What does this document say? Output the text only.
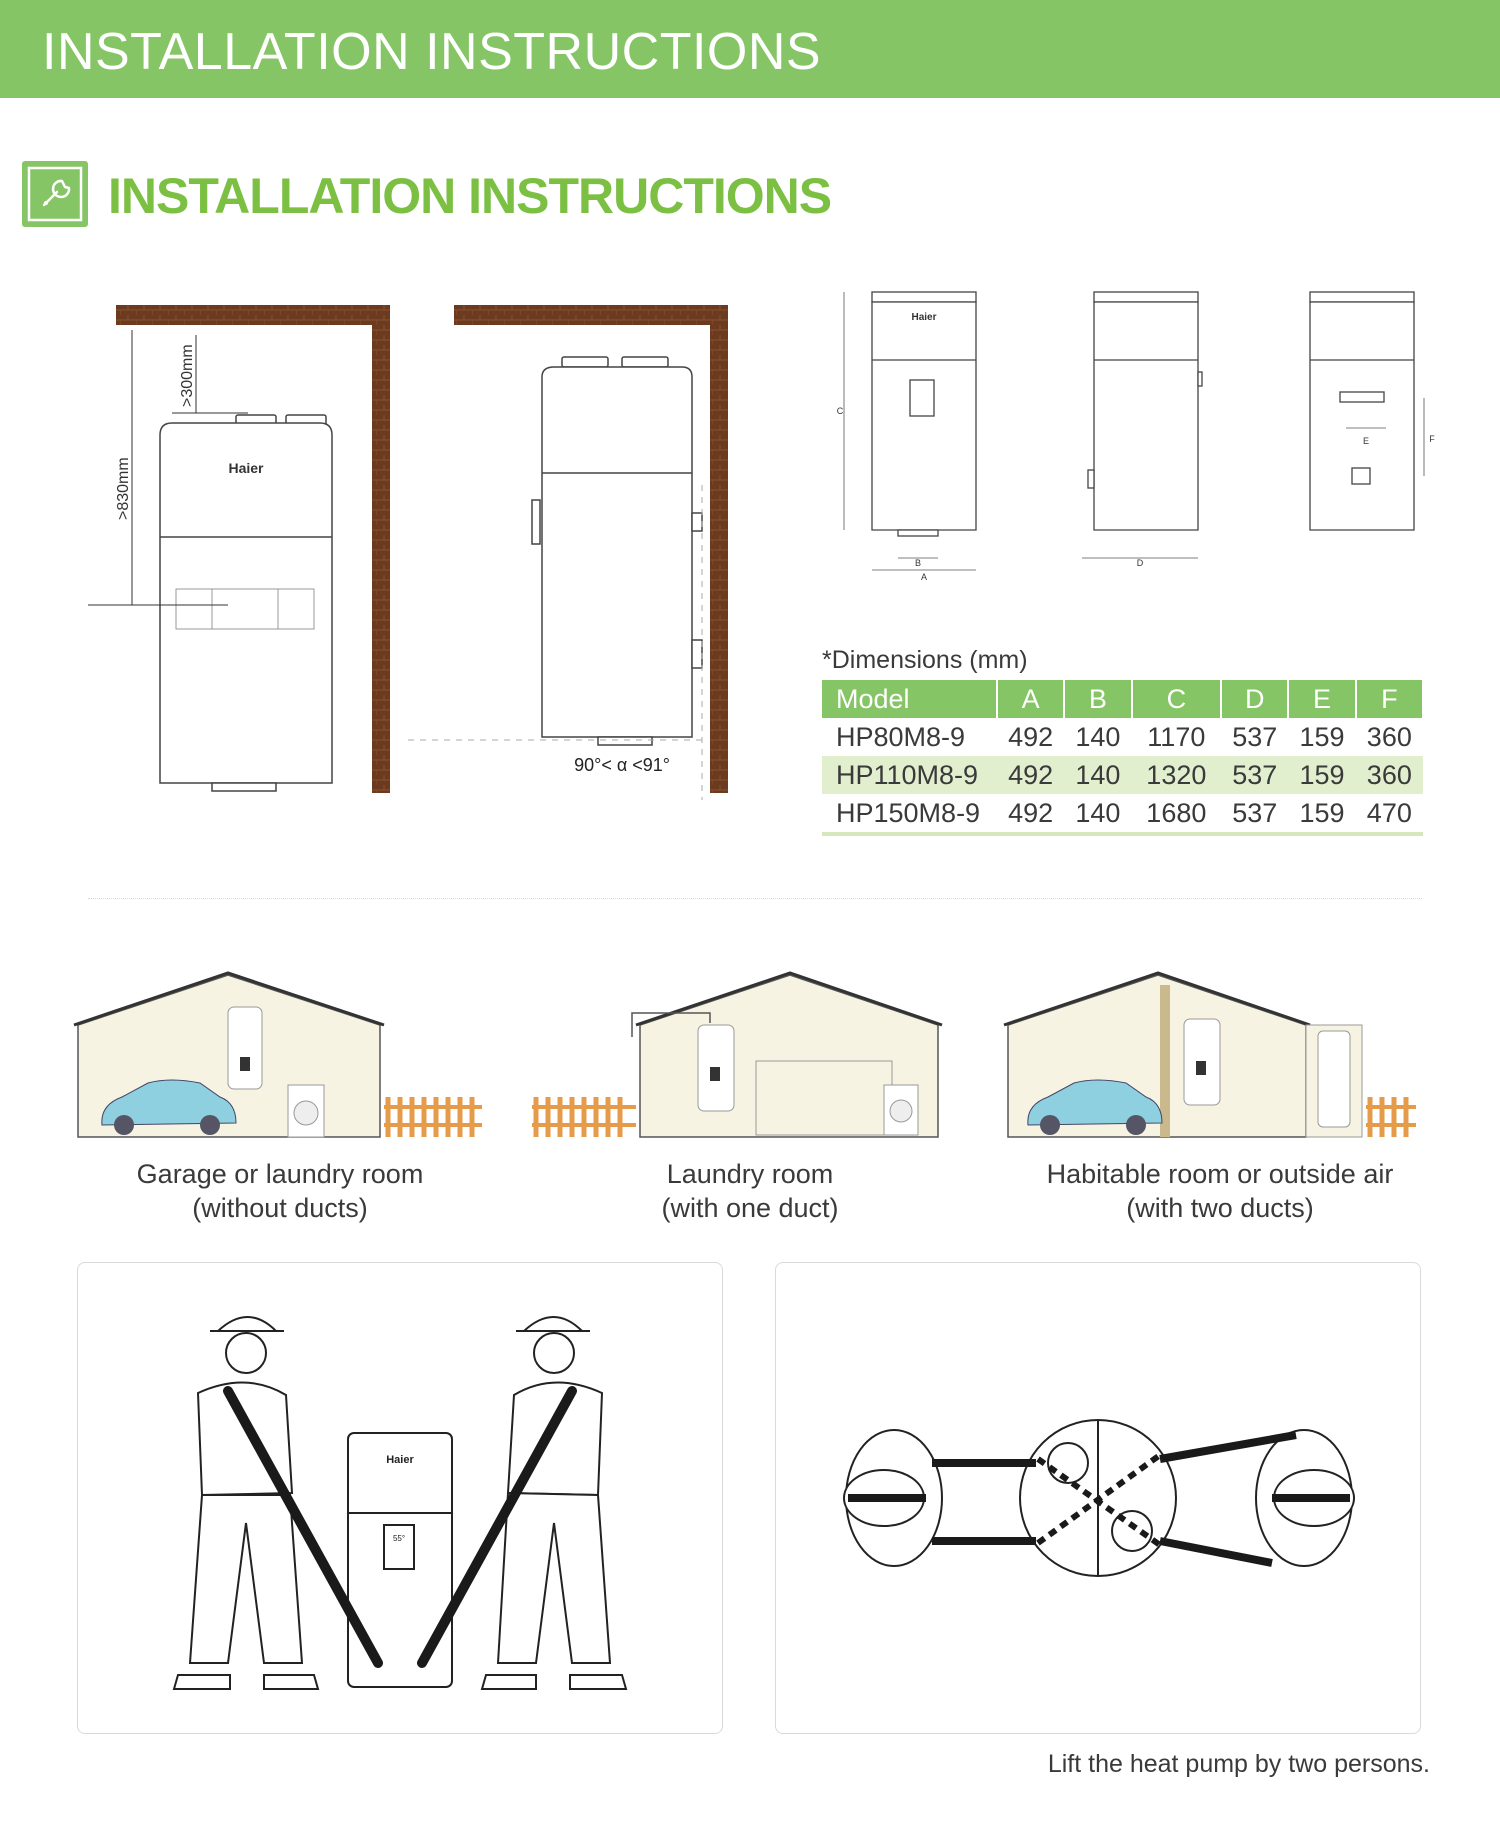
INSTALLATION INSTRUCTIONS
INSTALLATION INSTRUCTIONS
Haier
>300mm
>830mm
90°< α <91°
Haier
C
A
B	D
E	F
*Dimensions (mm)
Model	A	B	C	D	E	F
HP80M8-9	492	140	1170	537	159	360
HP110M8-9	492	140	1320	537	159	360
HP150M8-9	492	140	1680	537	159	470
Garage or laundry room
(without ducts)
Laundry room
(with one duct)
Habitable room or outside air
(with two ducts)
Haier
55°
Lift the heat pump by two persons.
